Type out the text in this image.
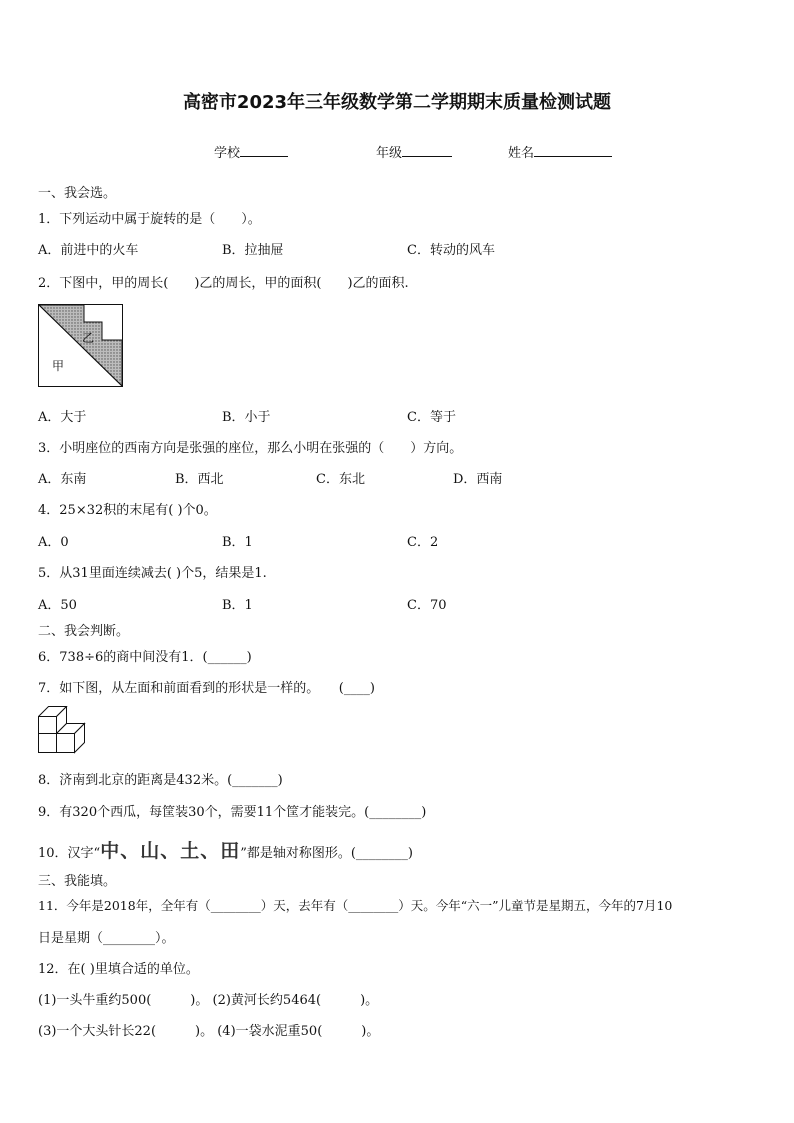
高密市2023年三年级数学第二学期期末质量检测试题
学校	年级	姓名
一、我会选。
1．下列运动中属于旋转的是（　　）。
A．前进中的火车	B．拉抽屉	C．转动的风车
2．下图中，甲的周长(　　)乙的周长，甲的面积(　　)乙的面积.
乙
甲
A．大于	B．小于	C．等于
3．小明座位的西南方向是张强的座位，那么小明在张强的（　　）方向。
A．东南	B．西北	C．东北	D．西南
4．25×32积的末尾有( )个0。
A．0	B．1	C．2
5．从31里面连续减去( )个5，结果是1.
A．50	B．1	C．70
二、我会判断。
6．738÷6的商中间没有1．(______)
7．如下图，从左面和前面看到的形状是一样的。　　(____)
8．济南到北京的距离是432米。(_______)
9．有320个西瓜，每筐装30个，需要11个筐才能装完。(________)
10．汉字“中、山、土、田”都是轴对称图形。(________)
三、我能填。
11．今年是2018年，全年有（________）天，去年有（________）天。今年“六一”儿童节是星期五，今年的7月10
日是星期（________）。
12．在( )里填合适的单位。
(1)一头牛重约500(　　　)。 (2)黄河长约5464(　　　)。
(3)一个大头针长22(　　　)。 (4)一袋水泥重50(　　　)。
